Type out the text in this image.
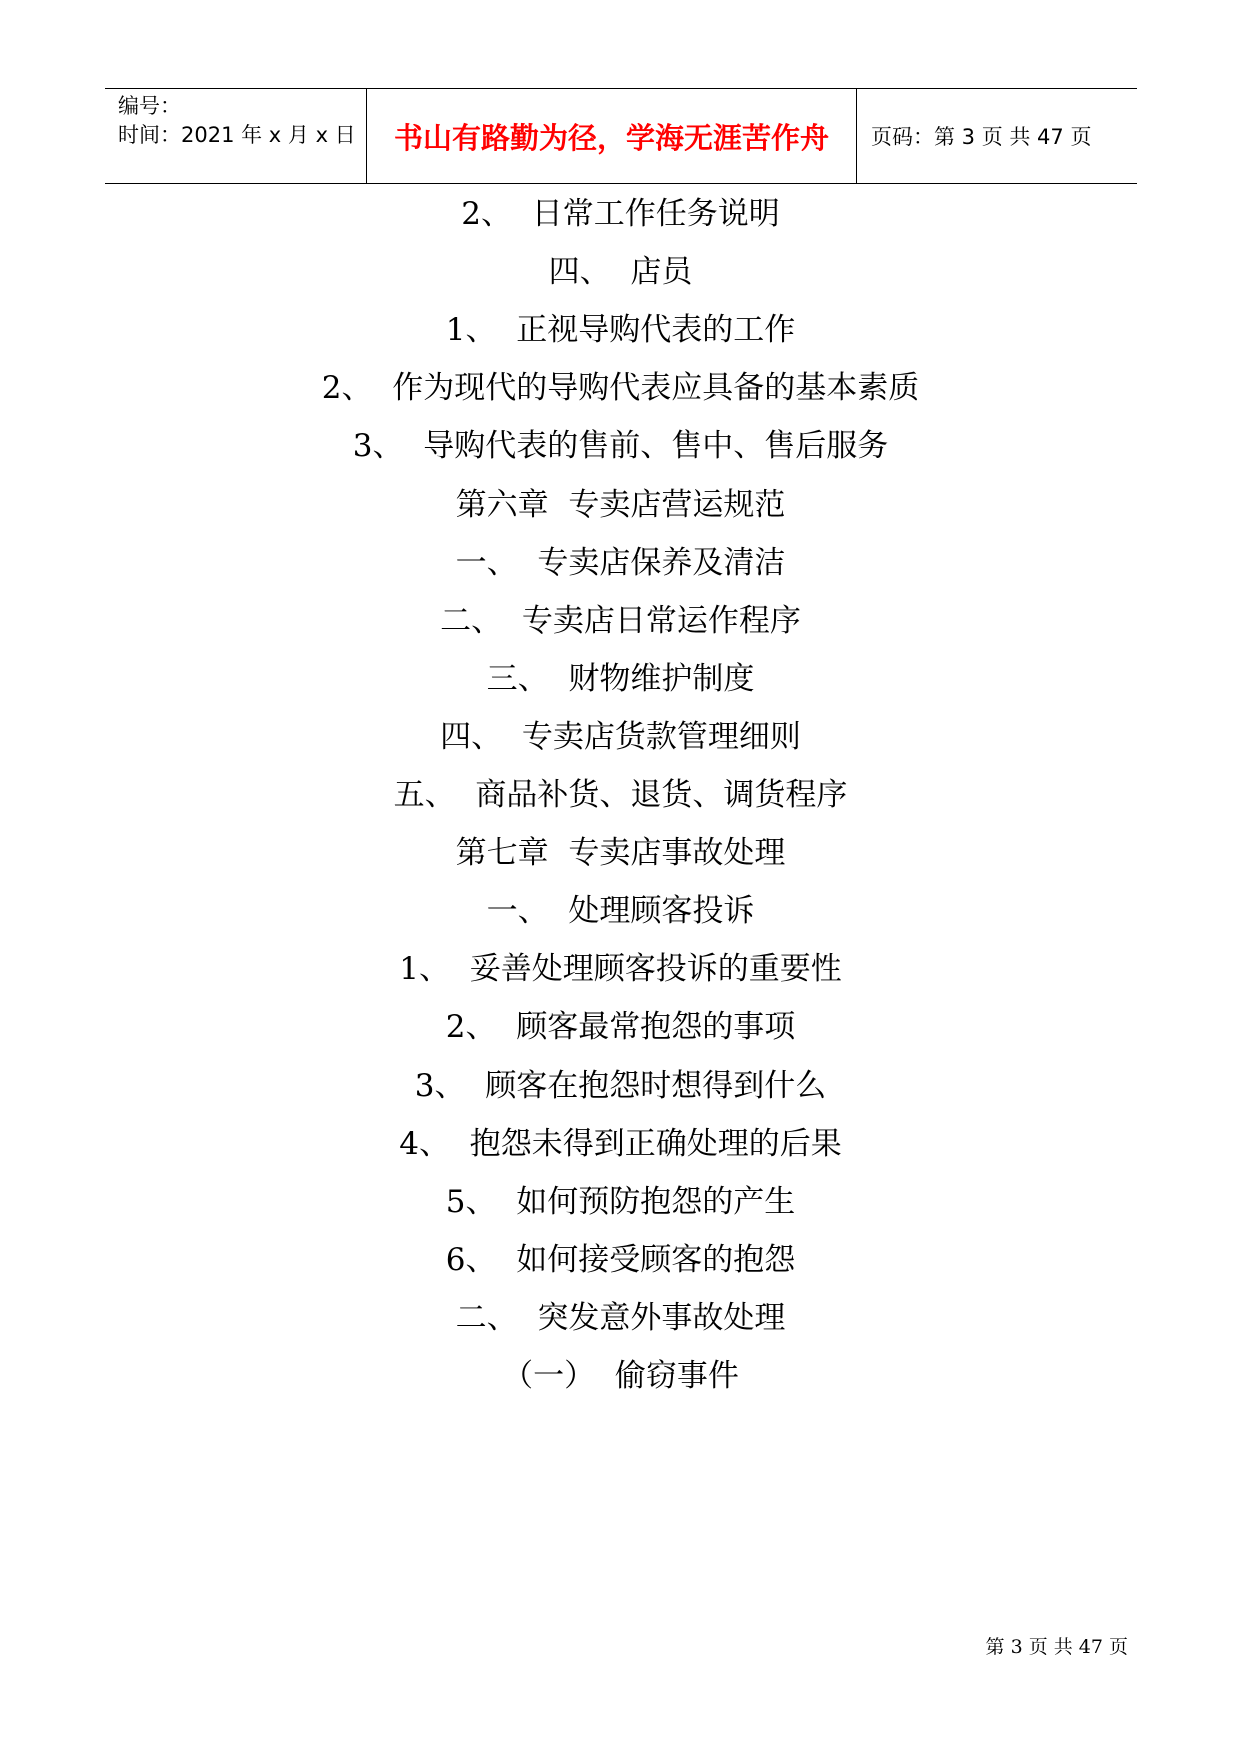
编号：
时间：2021 年 x 月 x 日	书山有路勤为径，学海无涯苦作舟	页码：第 3 页 共 47 页
2、  日常工作任务说明
四、  店员
1、  正视导购代表的工作
2、  作为现代的导购代表应具备的基本素质
3、  导购代表的售前、售中、售后服务
第六章  专卖店营运规范
一、  专卖店保养及清洁
二、  专卖店日常运作程序
三、  财物维护制度
四、  专卖店货款管理细则
五、  商品补货、退货、调货程序
第七章  专卖店事故处理
一、  处理顾客投诉
1、  妥善处理顾客投诉的重要性
2、  顾客最常抱怨的事项
3、  顾客在抱怨时想得到什么
4、  抱怨未得到正确处理的后果
5、  如何预防抱怨的产生
6、  如何接受顾客的抱怨
二、  突发意外事故处理
（一）  偷窃事件
第 3 页 共 47 页
